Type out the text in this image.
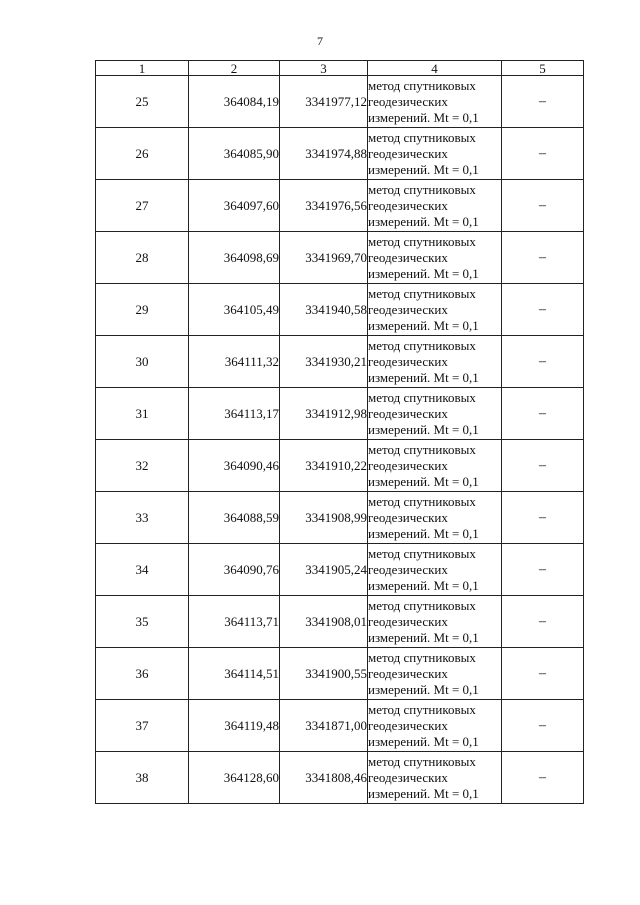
7
1	2	3	4	5
25	364084,19	3341977,12	метод спутниковых
геодезических
измерений. Mt = 0,1	–
26	364085,90	3341974,88	метод спутниковых
геодезических
измерений. Mt = 0,1	–
27	364097,60	3341976,56	метод спутниковых
геодезических
измерений. Mt = 0,1	–
28	364098,69	3341969,70	метод спутниковых
геодезических
измерений. Mt = 0,1	–
29	364105,49	3341940,58	метод спутниковых
геодезических
измерений. Mt = 0,1	–
30	364111,32	3341930,21	метод спутниковых
геодезических
измерений. Mt = 0,1	–
31	364113,17	3341912,98	метод спутниковых
геодезических
измерений. Mt = 0,1	–
32	364090,46	3341910,22	метод спутниковых
геодезических
измерений. Mt = 0,1	–
33	364088,59	3341908,99	метод спутниковых
геодезических
измерений. Mt = 0,1	–
34	364090,76	3341905,24	метод спутниковых
геодезических
измерений. Mt = 0,1	–
35	364113,71	3341908,01	метод спутниковых
геодезических
измерений. Mt = 0,1	–
36	364114,51	3341900,55	метод спутниковых
геодезических
измерений. Mt = 0,1	–
37	364119,48	3341871,00	метод спутниковых
геодезических
измерений. Mt = 0,1	–
38	364128,60	3341808,46	метод спутниковых
геодезических
измерений. Mt = 0,1	–
